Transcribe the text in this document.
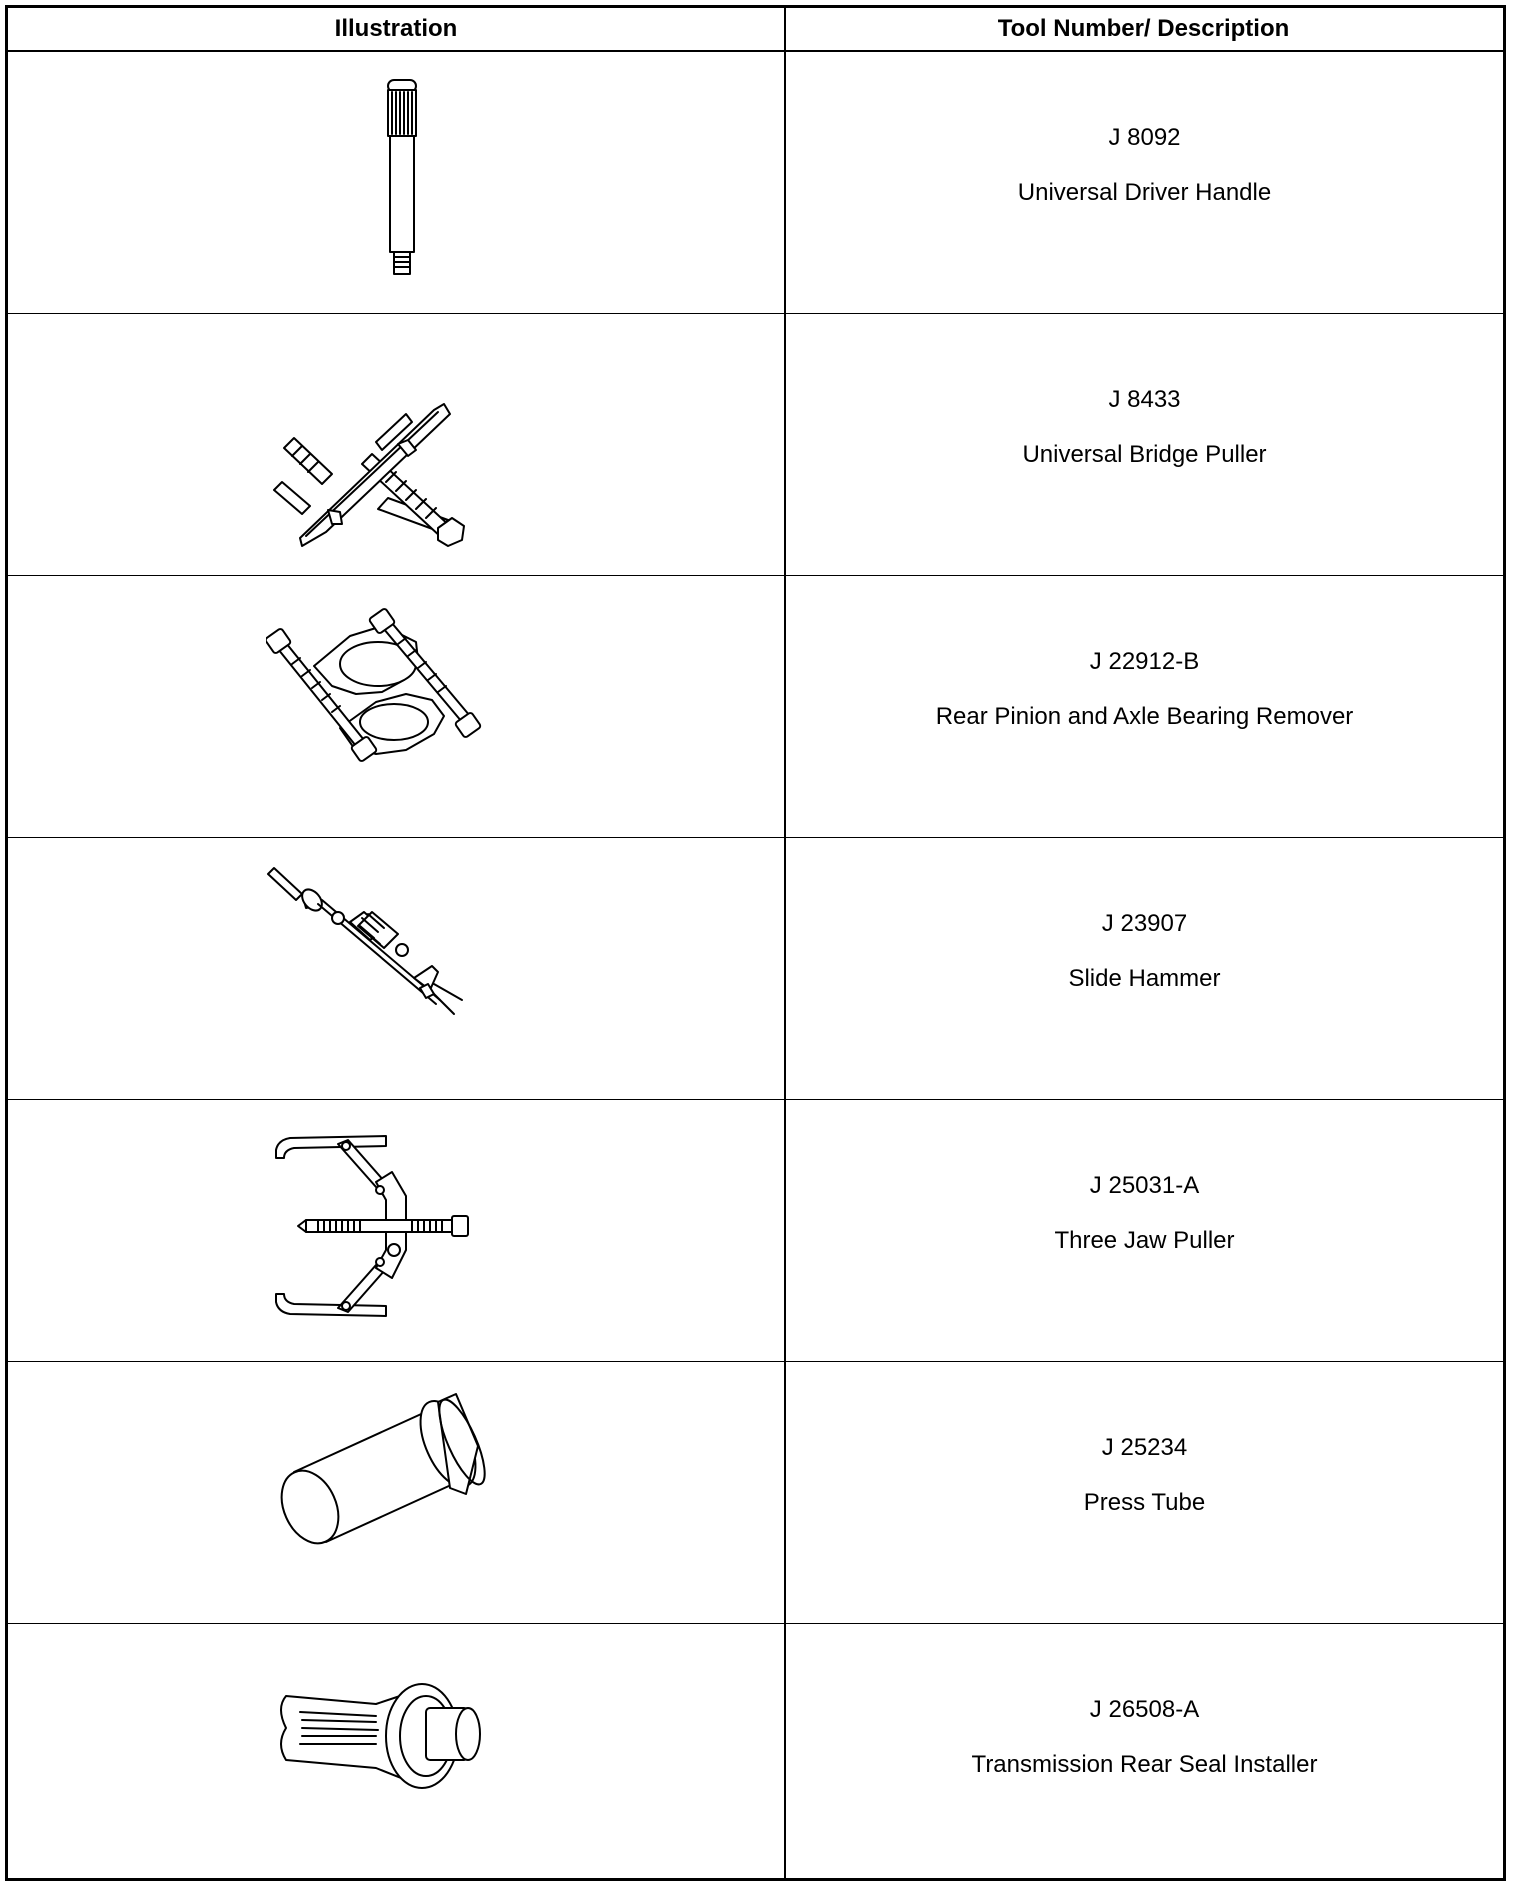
Illustration	Tool Number/ Description
J 8092
Universal Driver Handle
J 8433
Universal Bridge Puller
J 22912-B
Rear Pinion and Axle Bearing Remover
J 23907
Slide Hammer
J 25031-A
Three Jaw Puller
J 25234
Press Tube
J 26508-A
Transmission Rear Seal Installer
